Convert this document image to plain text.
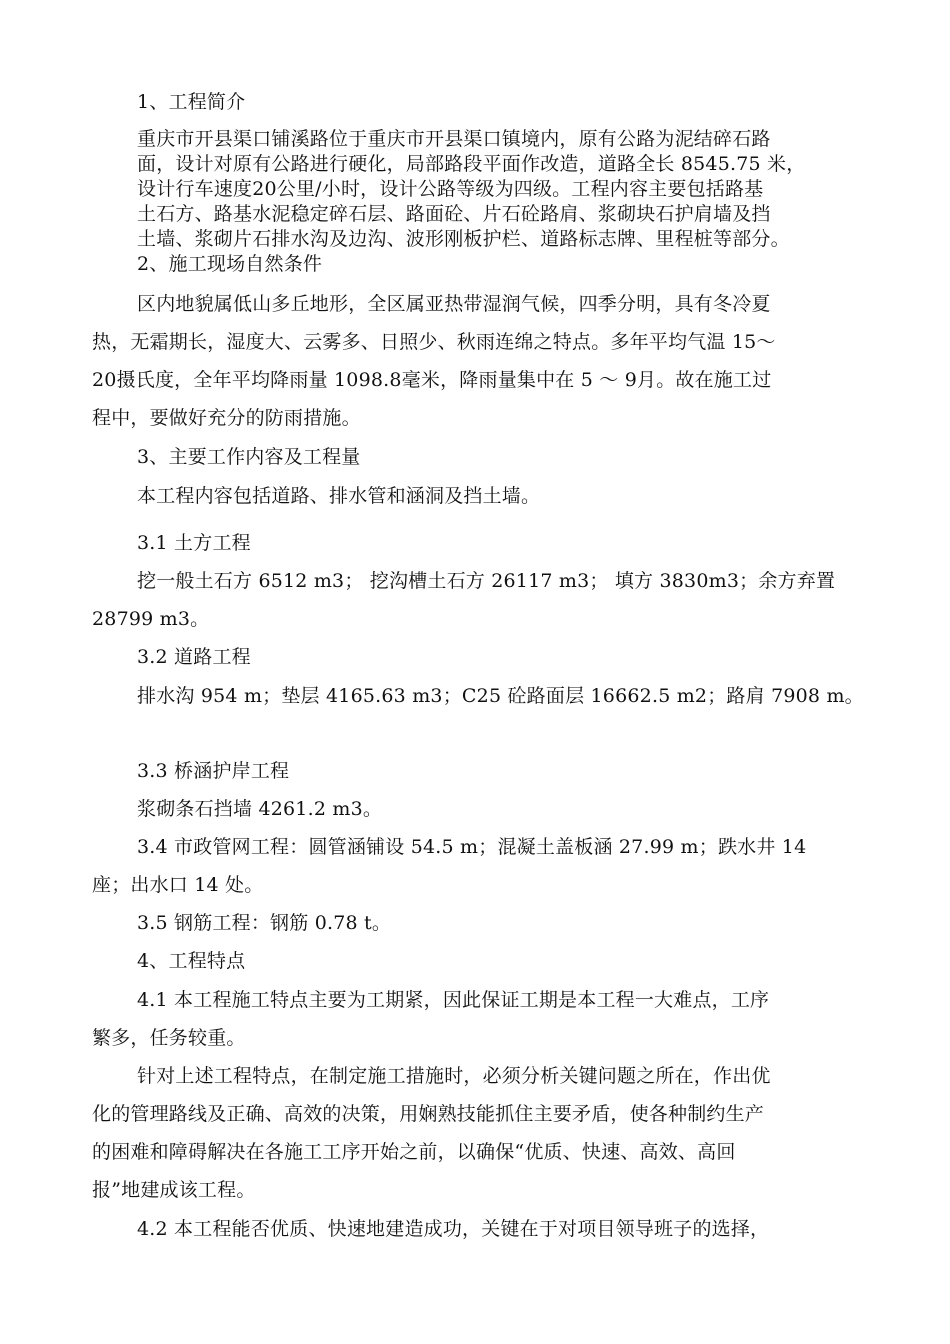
1、工程简介
重庆市开县渠口铺溪路位于重庆市开县渠口镇境内，原有公路为泥结碎石路
面，设计对原有公路进行硬化，局部路段平面作改造，道路全长 8545.75 米，
设计行车速度20公里/小时，设计公路等级为四级。工程内容主要包括路基
土石方、路基水泥稳定碎石层、路面砼、片石砼路肩、浆砌块石护肩墙及挡
土墙、浆砌片石排水沟及边沟、波形刚板护栏、道路标志牌、里程桩等部分。
2、施工现场自然条件
区内地貌属低山多丘地形，全区属亚热带湿润气候，四季分明，具有冬冷夏
热，无霜期长，湿度大、云雾多、日照少、秋雨连绵之特点。多年平均气温 15～
20摄氏度，全年平均降雨量 1098.8毫米，降雨量集中在 5 ～ 9月。故在施工过
程中，要做好充分的防雨措施。
3、主要工作内容及工程量
本工程内容包括道路、排水管和涵洞及挡土墙。
3.1 土方工程
挖一般土石方 6512 m3； 挖沟槽土石方 26117 m3； 填方 3830m3；余方弃置
28799 m3。
3.2 道路工程
排水沟 954 m；垫层 4165.63 m3；C25 砼路面层 16662.5 m2；路肩 7908 m。
3.3 桥涵护岸工程
浆砌条石挡墙 4261.2 m3。
3.4 市政管网工程：圆管涵铺设 54.5 m；混凝土盖板涵 27.99 m；跌水井 14
座；出水口 14 处。
3.5 钢筋工程：钢筋 0.78 t。
4、工程特点
4.1 本工程施工特点主要为工期紧，因此保证工期是本工程一大难点，工序
繁多，任务较重。
针对上述工程特点，在制定施工措施时，必须分析关键问题之所在，作出优
化的管理路线及正确、高效的决策，用娴熟技能抓住主要矛盾，使各种制约生产
的困难和障碍解决在各施工工序开始之前，以确保“优质、快速、高效、高回
报”地建成该工程。
4.2 本工程能否优质、快速地建造成功，关键在于对项目领导班子的选择，
